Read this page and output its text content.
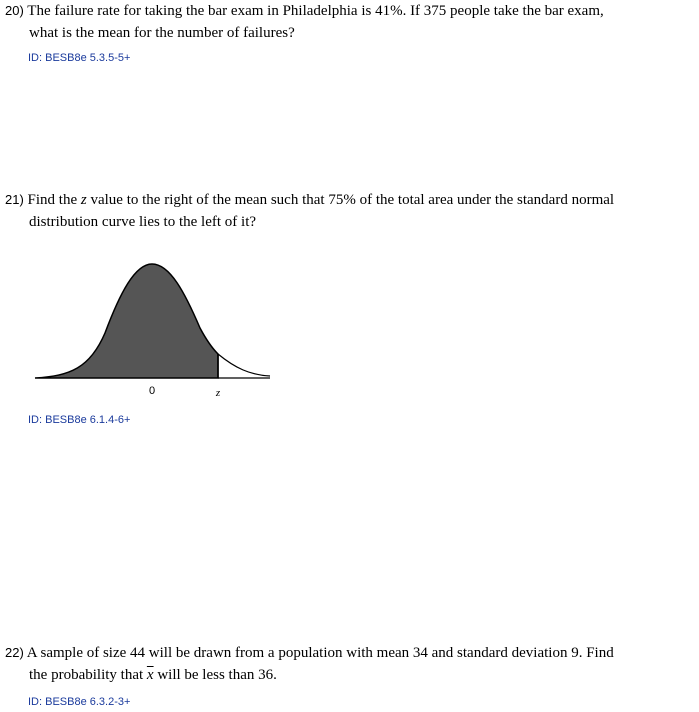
20) The failure rate for taking the bar exam in Philadelphia is 41%. If 375 people take the bar exam,
what is the mean for the number of failures?
ID: BESB8e 5.3.5-5+
21) Find the z value to the right of the mean such that 75% of the total area under the standard normal
distribution curve lies to the left of it?
0	z
ID: BESB8e 6.1.4-6+
22) A sample of size 44 will be drawn from a population with mean 34 and standard deviation 9. Find
the probability that $\overline{x}$ will be less than 36.
ID: BESB8e 6.3.2-3+
